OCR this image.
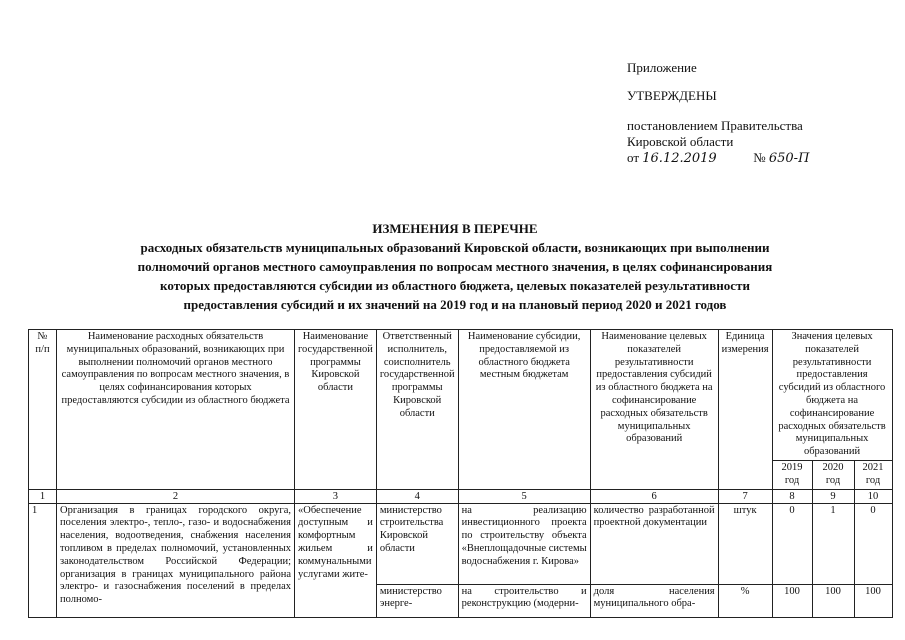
Приложение
УТВЕРЖДЕНЫ
постановлением Правительства
Кировской области
от 16.12.2019	№ 650-П
ИЗМЕНЕНИЯ В ПЕРЕЧНЕ
расходных обязательств муниципальных образований Кировской области, возникающих при выполнении
полномочий органов местного самоуправления по вопросам местного значения, в целях софинансирования
которых предоставляются субсидии из областного бюджета, целевых показателей результативности
предоставления субсидий и их значений на 2019 год и на плановый период 2020 и 2021 годов
№ п/п	Наименование расходных обязательств муниципальных образований, возникающих при выполнении полномочий органов местного самоуправления по вопросам местного значения, в целях софинансирования которых предоставляются субсидии из областного бюджета	Наименование государственной программы Кировской области	Ответственный исполнитель, соисполнитель государственной программы Кировской области	Наименование субсидии, предоставляемой из областного бюджета местным бюджетам	Наименование целевых показателей результативности предоставления субсидий из областного бюджета на софинансирование расходных обязательств муниципальных образований	Единица измерения	Значения целевых показателей результативности предоставления субсидий из областного бюджета на софинансирование расходных обязательств муниципальных образований		
							2019 год	2020 год	2021 год
1	2	3	4	5	6	7	8	9	10
1	Организация в границах городского округа, поселения электро-, тепло-, газо- и водоснабжения населения, водоотведения, снабжения населения топливом в пределах полномочий, установленных законодательством Российской Федерации; организация в границах муниципального района электро- и газоснабжения поселений в пределах полномо-	«Обеспечение доступным и комфортным жильем и коммунальными услугами жите-	министерство строительства Кировской области	на реализацию инвестиционного проекта по строительству объекта «Внеплощадочные системы водоснабжения г. Кирова»	количество разработанной проектной документации	штук	0	1	0
			министерство энерге-	на строительство и реконструкцию (модерни-	доля населения муниципального обра-	%	100	100	100
